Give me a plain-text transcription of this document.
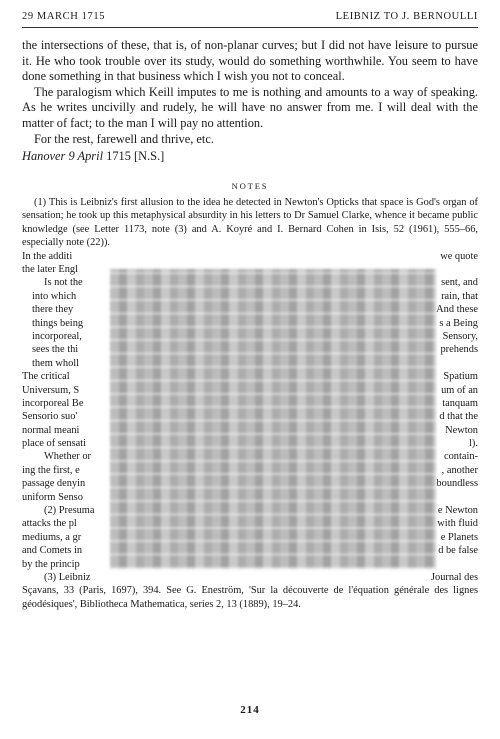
29 MARCH 1715	LEIBNIZ TO J. BERNOULLI

the intersections of these, that is, of non-planar curves; but I did not have leisure to pursue it. He who took trouble over its study, would do something worthwhile. You seem to have done something in that business which I wish you not to conceal.

The paralogism which Keill imputes to me is nothing and amounts to a way of speaking. As he writes uncivilly and rudely, he will have no answer from me. I will deal with the matter of fact; to the man I will pay no attention.

For the rest, farewell and thrive, etc.

Hanover 9 April 1715 [N.S.]

NOTES

(1) This is Leibniz's first allusion to the idea he detected in Newton's Opticks that space is God's organ of sensation; he took up this metaphysical absurdity in his letters to Dr Samuel Clarke, whence it became public knowledge (see Letter 1173, note (3) and A. Koyré and I. Bernard Cohen in Isis, 52 (1961), 555–66, especially note (22)).

In the additi	we quote
the later Engl
Is not the	sent, and
into which	rain, that
there they	And these
things being	s a Being
incorporeal,	Sensory,
sees the thi	prehends
them wholl
The critical	Spatium
Universum, S	um of an
incorporeal Be	tanquam
Sensorio suo'	d that the
normal meani	Newton
place of sensati	l).
Whether or	contain-
ing the first, e	, another
passage denyin	boundless
uniform Senso
(2) Presuma	e Newton
attacks the pl	with fluid
mediums, a gr	e Planets
and Comets in	d be false
by the princip
(3) Leibniz	Journal des

Sçavans, 33 (Paris, 1697), 394. See G. Eneström, 'Sur la découverte de l'équation générale des lignes géodésiques', Bibliotheca Mathematica, series 2, 13 (1889), 19–24.

214
